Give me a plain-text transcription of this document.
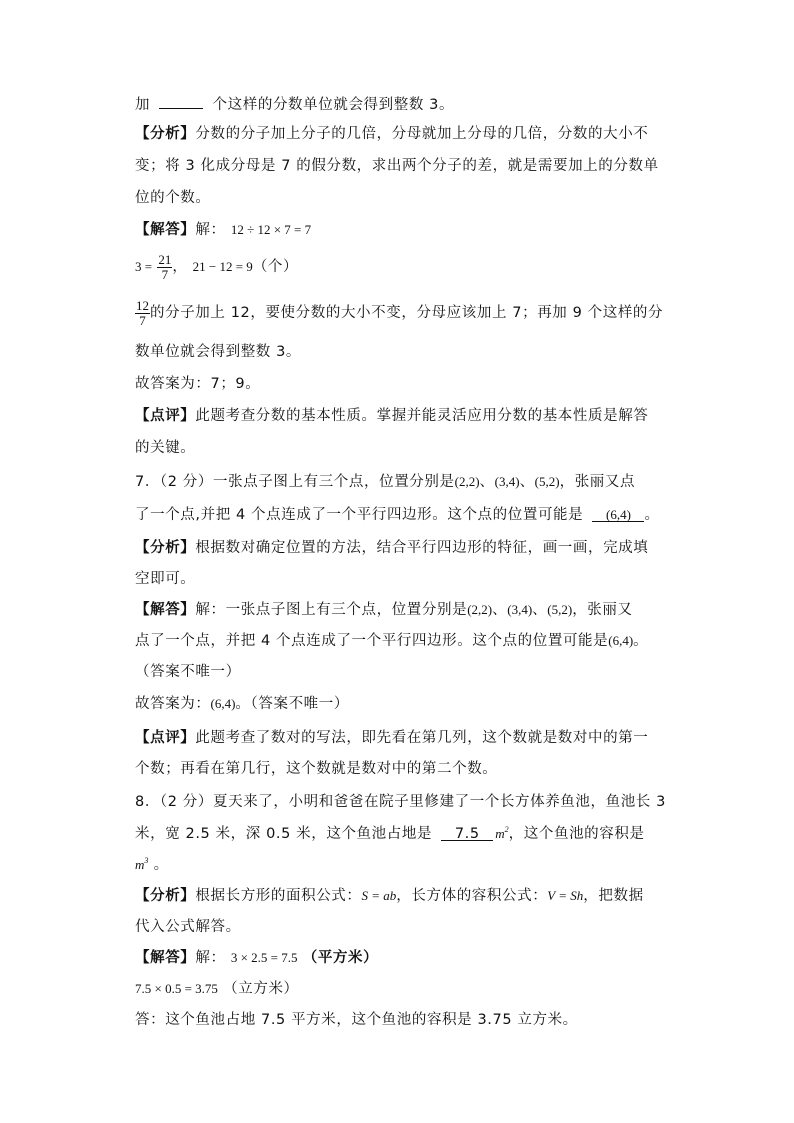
加	个这样的分数单位就会得到整数 3。
【分析】分数的分子加上分子的几倍，分母就加上分母的几倍，分数的大小不
变；将 3 化成分母是 7 的假分数，求出两个分子的差，就是需要加上的分数单
位的个数。
【解答】解： 12 ÷ 12 × 7 = 7
$3 = \frac{21}{7}$ ， 21 − 12 = 9（个）
$\frac{12}{7}$ 的分子加上 12，要使分数的大小不变，分母应该加上 7；再加 9 个这样的分
数单位就会得到整数 3。
故答案为：7；9。
【点评】此题考查分数的基本性质。掌握并能灵活应用分数的基本性质是解答
的关键。
7．（2 分）一张点子图上有三个点，位置分别是(2,2)、(3,4)、(5,2)，张丽又点
了一个点,并把 4 个点连成了一个平行四边形。这个点的位置可能是 (6,4) 。
【分析】根据数对确定位置的方法，结合平行四边形的特征，画一画，完成填
空即可。
【解答】解：一张点子图上有三个点，位置分别是(2,2)、(3,4)、(5,2)，张丽又
点了一个点，并把 4 个点连成了一个平行四边形。这个点的位置可能是(6,4)。
（答案不唯一）
故答案为：(6,4)。（答案不唯一）
【点评】此题考查了数对的写法，即先看在第几列，这个数就是数对中的第一
个数；再看在第几行，这个数就是数对中的第二个数。
8．（2 分）夏天来了，小明和爸爸在院子里修建了一个长方体养鱼池，鱼池长 3
米，宽 2.5 米，深 0.5 米，这个鱼池占地是 7.5 $m^2$，这个鱼池的容积是
$m^3$ 。
【分析】根据长方形的面积公式：S = ab，长方体的容积公式：V = Sh，把数据
代入公式解答。
【解答】解： 3 × 2.5 = 7.5 （平方米）
7.5 × 0.5 = 3.75 （立方米）
答：这个鱼池占地 7.5 平方米，这个鱼池的容积是 3.75 立方米。
